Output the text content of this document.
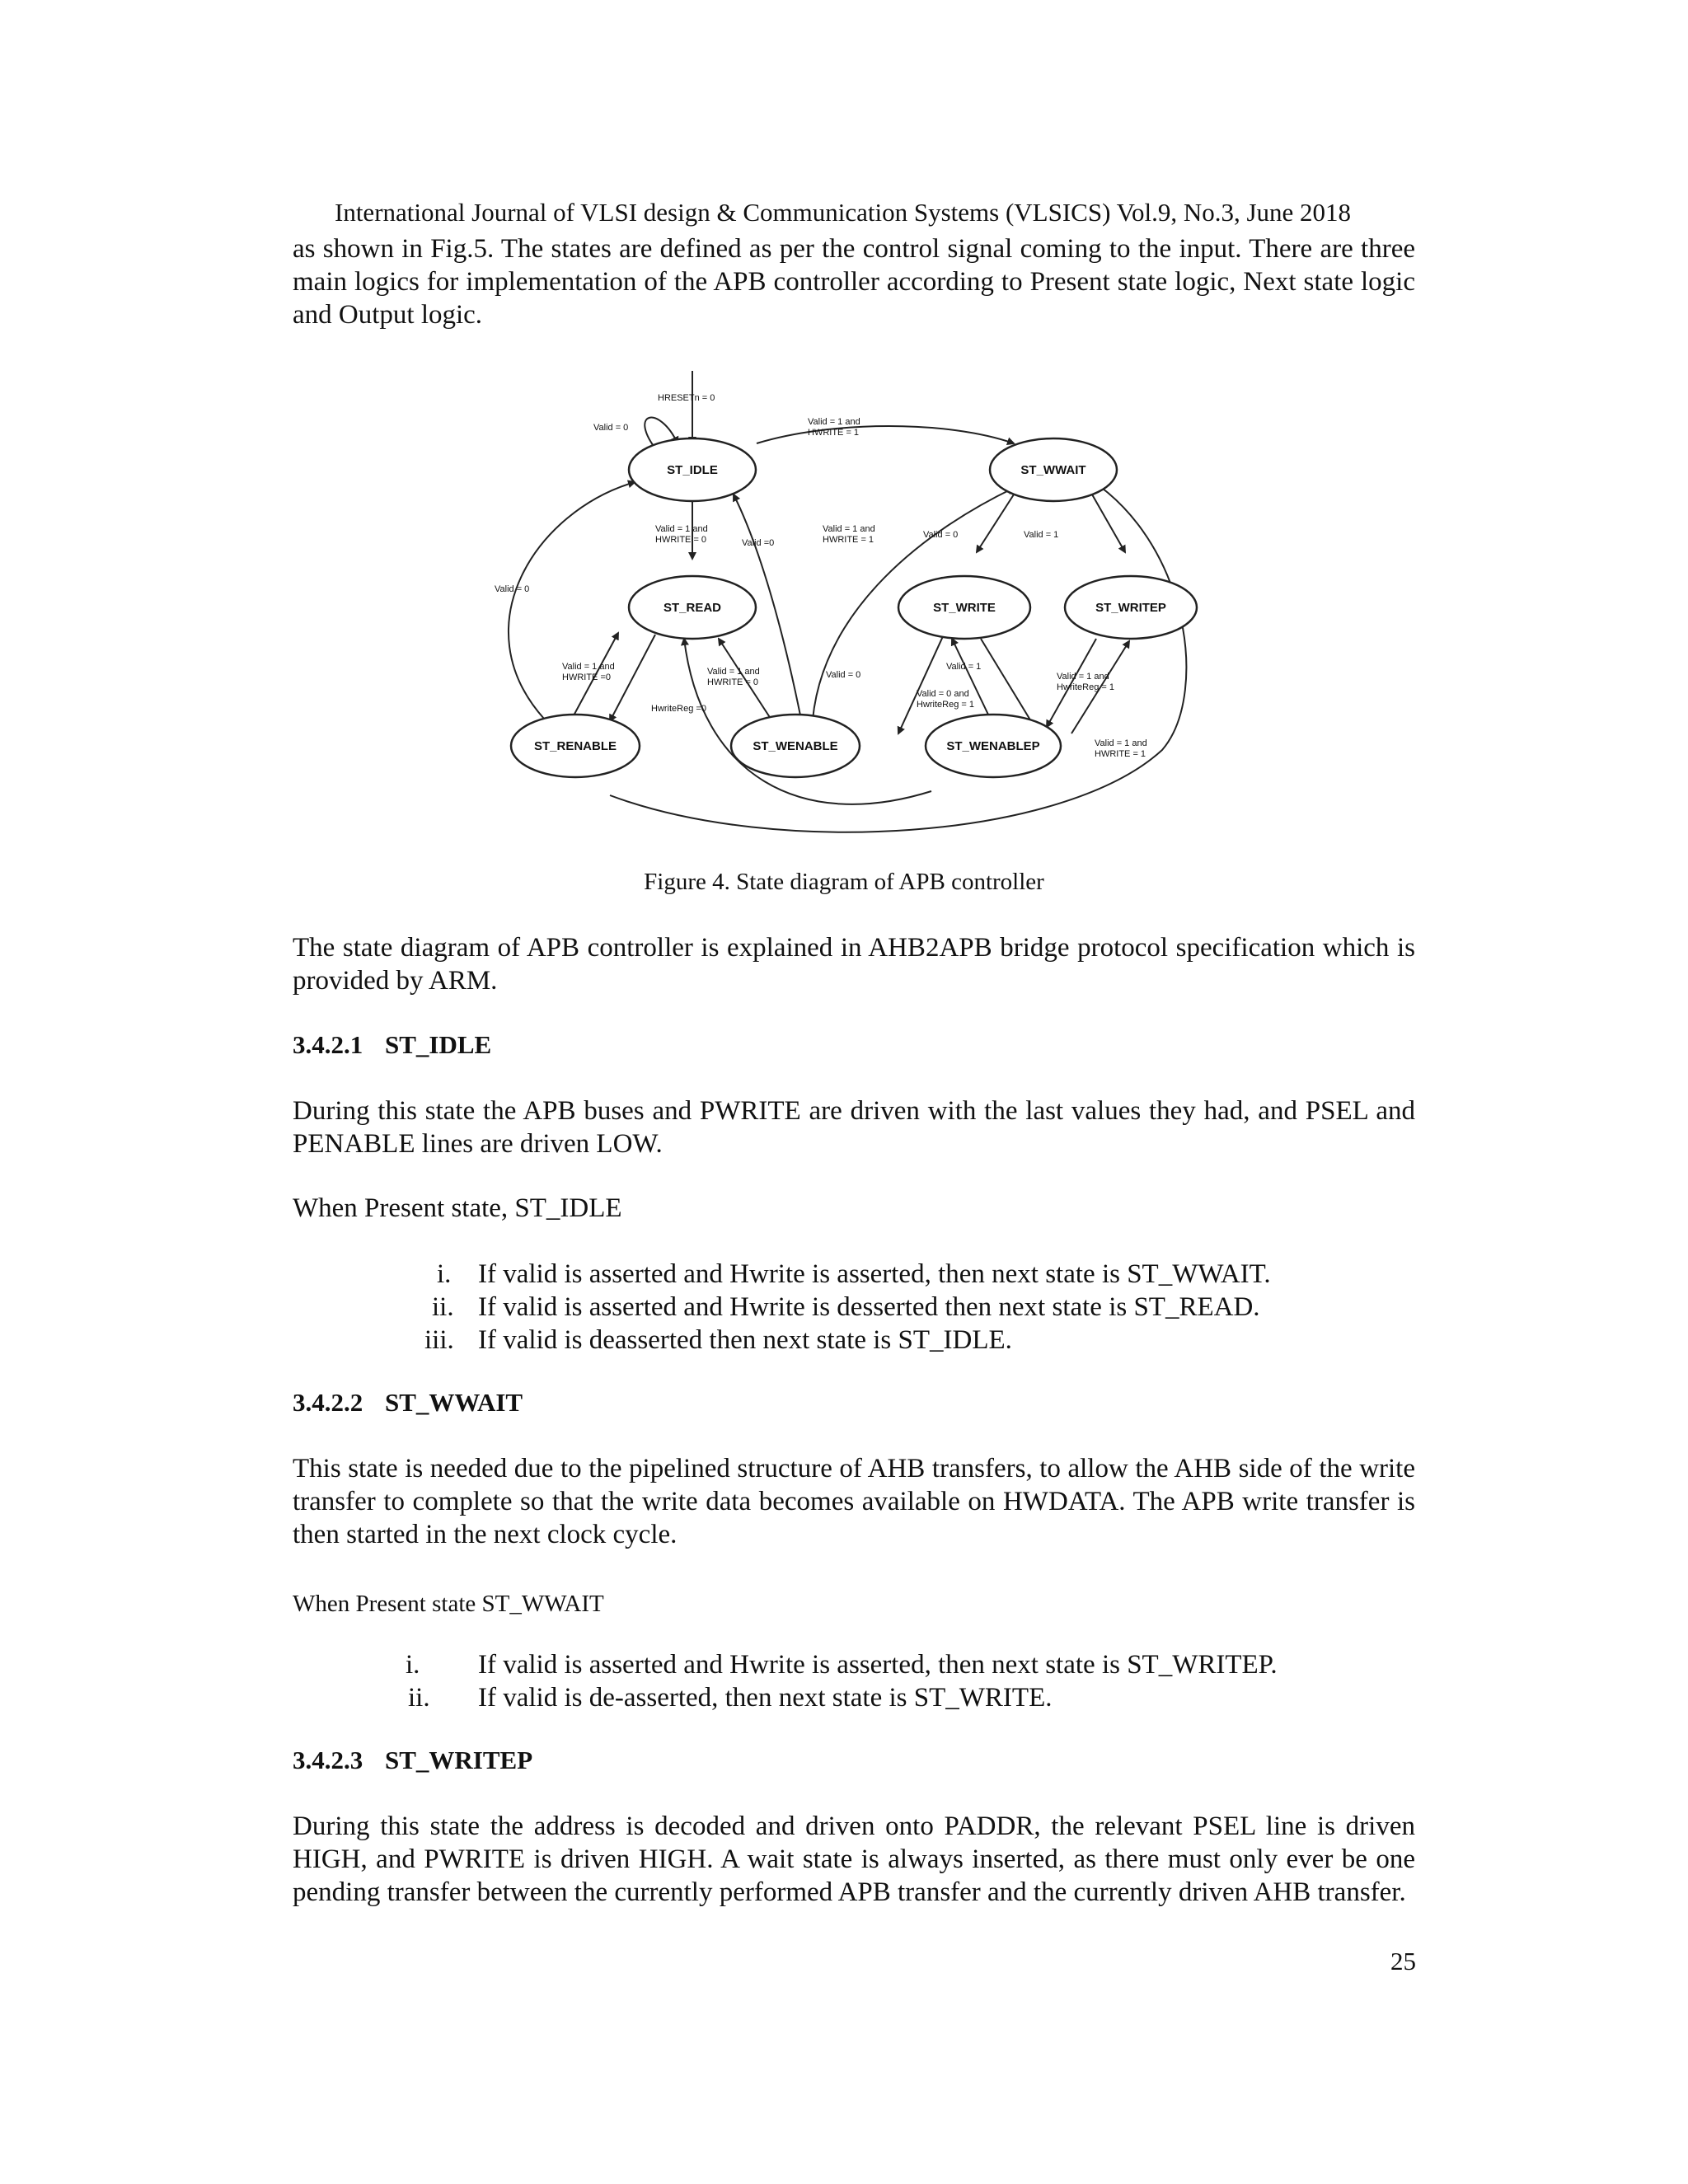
International Journal of VLSI design & Communication Systems (VLSICS) Vol.9, No.3, June 2018
as shown in Fig.5. The states are defined as per the control signal coming to the input. There are three main logics for implementation of the APB controller according to Present state logic, Next state logic and Output logic.
ST_IDLE	ST_WWAIT
ST_READ	ST_WRITE	ST_WRITEP
ST_RENABLE	ST_WENABLE	ST_WENABLEP
HRESETn = 0
Valid = 0
Valid = 1 and
HWRITE = 1
Valid = 1 and
HWRITE = 0	Valid =0
Valid = 1 and
HWRITE = 1	Valid = 0	Valid = 1
Valid = 0
Valid = 1 and
HWRITE =0
Valid = 1 and
HWRITE = 0
HwriteReg =0
Valid = 0
Valid = 0 and
HwriteReg = 1
Valid = 1
Valid = 1 and
HwriteReg = 1
Valid = 1 and
HWRITE = 1
Figure 4. State diagram of APB controller
The state diagram of APB controller is explained in AHB2APB bridge protocol specification which is provided by ARM.
3.4.2.1 ST_IDLE
During this state the APB buses and PWRITE are driven with the last values they had, and PSEL and PENABLE lines are driven LOW.
When Present state, ST_IDLE
i. If valid is asserted and Hwrite is asserted, then next state is ST_WWAIT.
ii. If valid is asserted and Hwrite is desserted then next state is ST_READ.
iii. If valid is deasserted then next state is ST_IDLE.
3.4.2.2 ST_WWAIT
This state is needed due to the pipelined structure of AHB transfers, to allow the AHB side of the write transfer to complete so that the write data becomes available on HWDATA. The APB write transfer is then started in the next clock cycle.
When Present state ST_WWAIT
i. If valid is asserted and Hwrite is asserted, then next state is ST_WRITEP.
ii. If valid is de-asserted, then next state is ST_WRITE.
3.4.2.3 ST_WRITEP
During this state the address is decoded and driven onto PADDR, the relevant PSEL line is driven HIGH, and PWRITE is driven HIGH. A wait state is always inserted, as there must only ever be one pending transfer between the currently performed APB transfer and the currently driven AHB transfer.
25
